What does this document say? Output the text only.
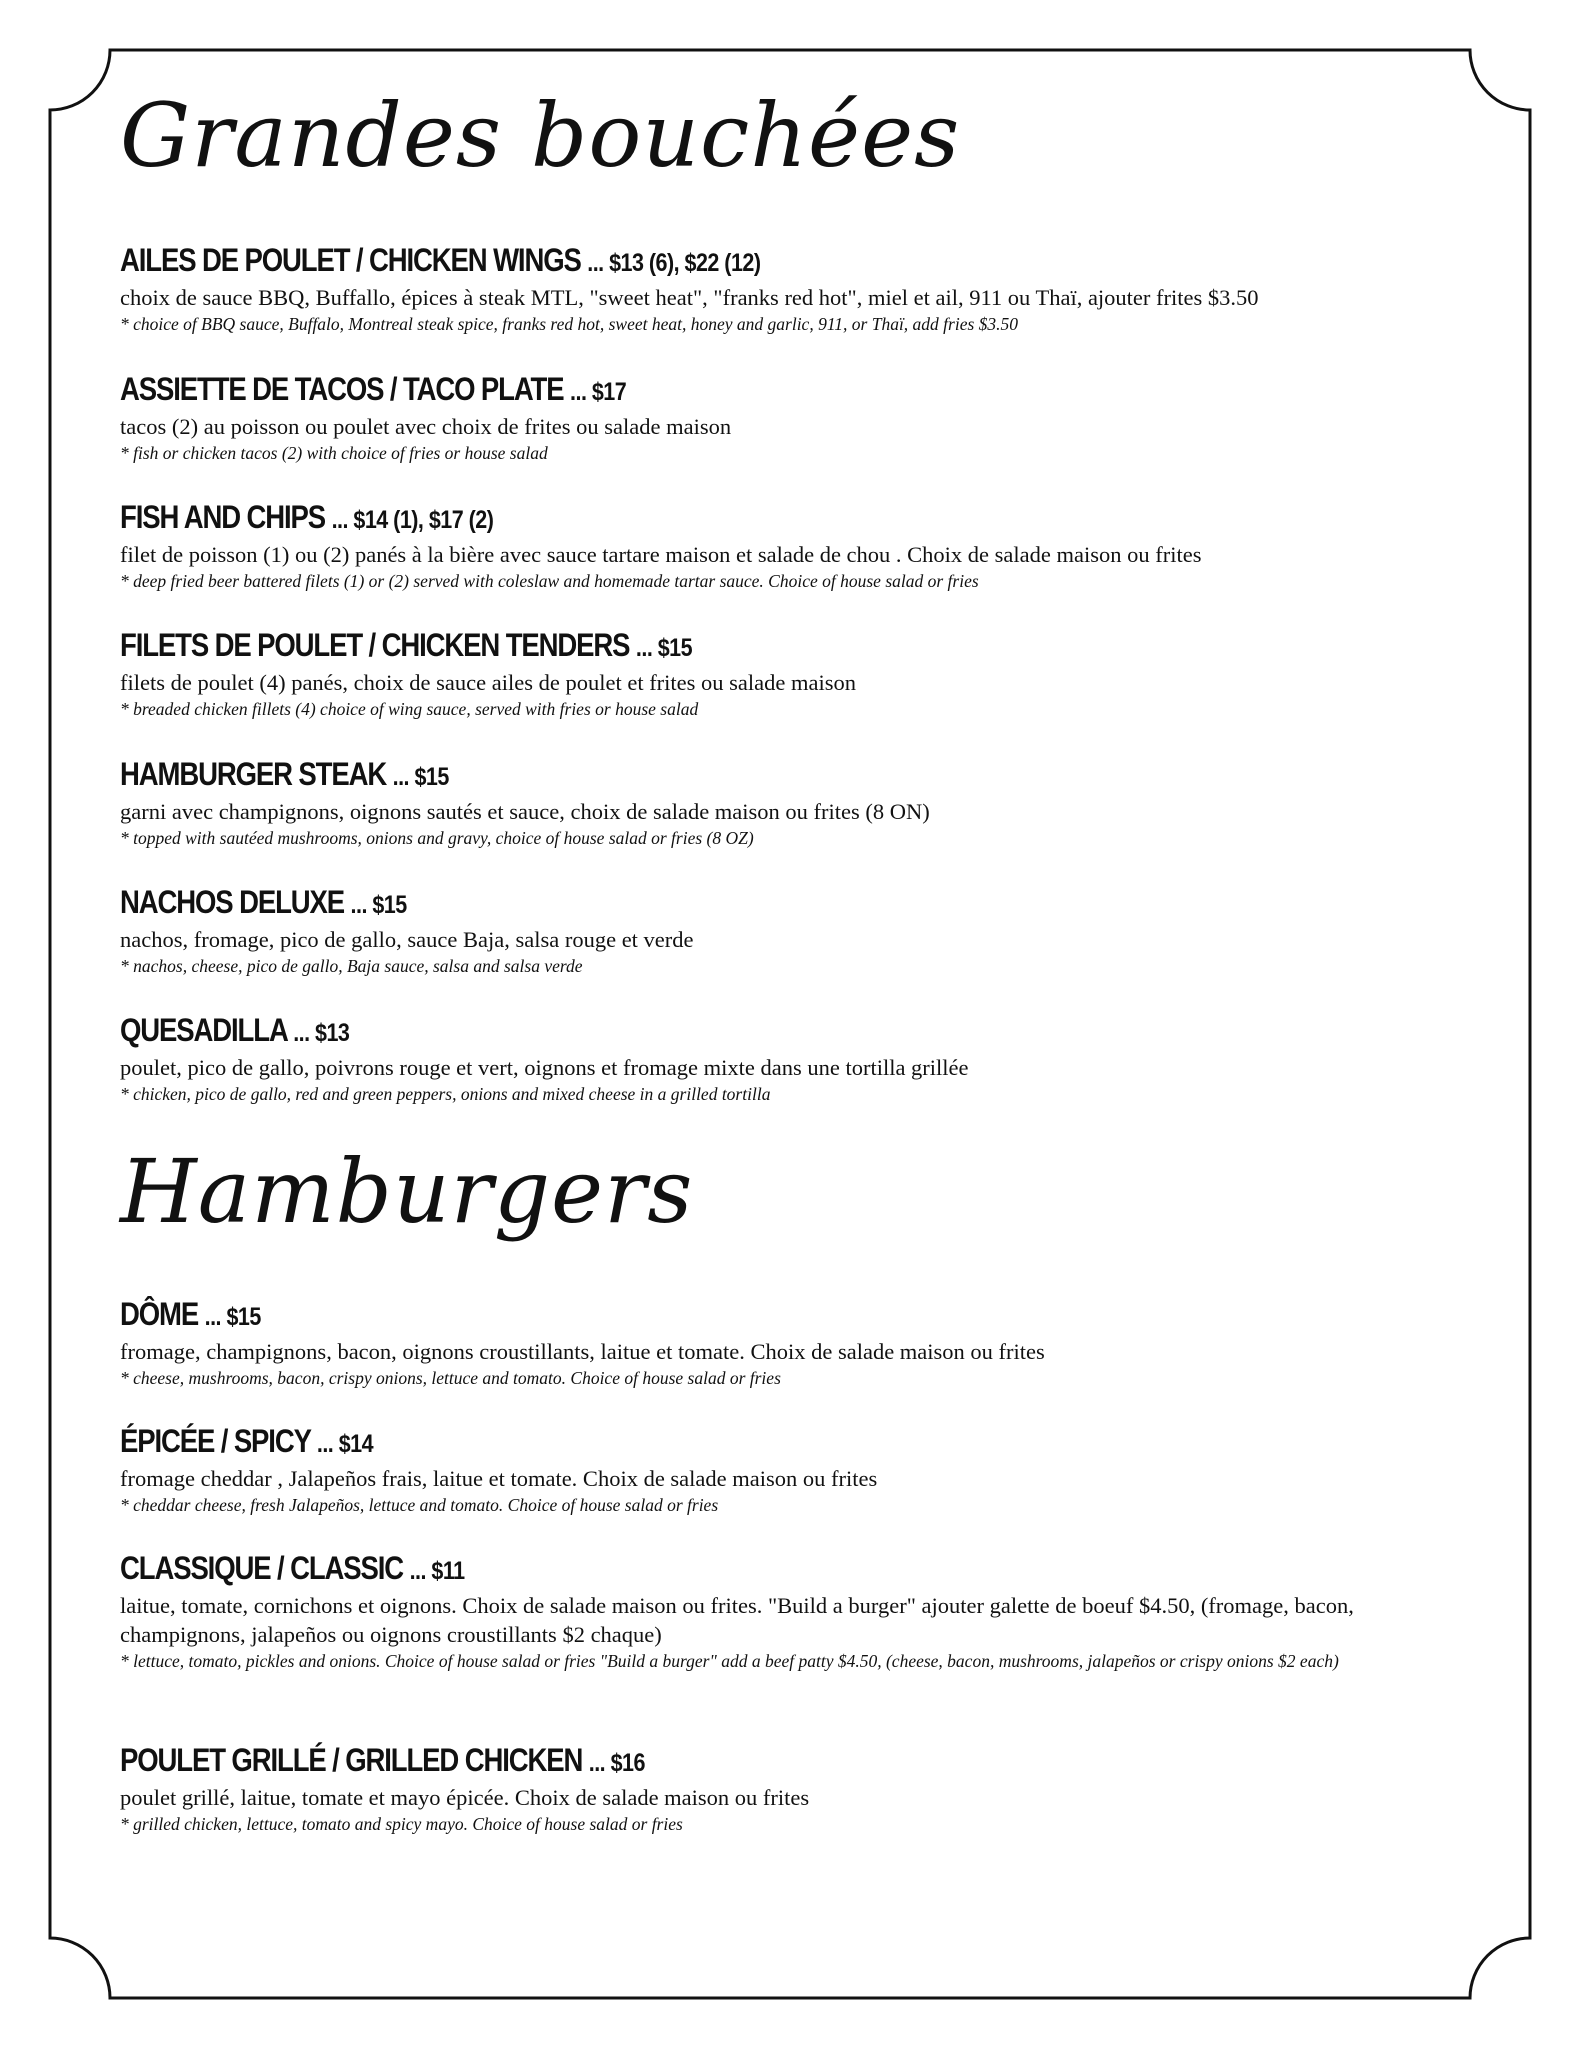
Grandes bouchées
AILES DE POULET / CHICKEN WINGS ... $13 (6), $22 (12)

choix de sauce BBQ, Buffallo, épices à steak MTL, "sweet heat", "franks red hot", miel et ail, 911 ou Thaï, ajouter frites $3.50

* choice of BBQ sauce, Buffalo, Montreal steak spice, franks red hot, sweet heat, honey and garlic, 911, or Thaï, add fries $3.50

ASSIETTE DE TACOS / TACO PLATE ... $17

tacos (2) au poisson ou poulet avec choix de frites ou salade maison

* fish or chicken tacos (2) with choice of fries or house salad

FISH AND CHIPS ... $14 (1), $17 (2)

filet de poisson (1) ou (2) panés à la bière avec sauce tartare maison et salade de chou . Choix de salade maison ou frites

* deep fried beer battered filets (1) or (2) served with coleslaw and homemade tartar sauce. Choice of house salad or fries

FILETS DE POULET / CHICKEN TENDERS ... $15

filets de poulet (4) panés, choix de sauce ailes de poulet et frites ou salade maison

* breaded chicken fillets (4) choice of wing sauce, served with fries or house salad

HAMBURGER STEAK ... $15

garni avec champignons, oignons sautés et sauce, choix de salade maison ou frites (8 ON)

* topped with sautéed mushrooms, onions and gravy, choice of house salad or fries (8 OZ)

NACHOS DELUXE ... $15

nachos, fromage, pico de gallo, sauce Baja, salsa rouge et verde

* nachos, cheese, pico de gallo, Baja sauce, salsa and salsa verde

QUESADILLA ... $13

poulet, pico de gallo, poivrons rouge et vert, oignons et fromage mixte dans une tortilla grillée

* chicken, pico de gallo, red and green peppers, onions and mixed cheese in a grilled tortilla

Hamburgers
DÔME ... $15

fromage, champignons, bacon, oignons croustillants, laitue et tomate. Choix de salade maison ou frites

* cheese, mushrooms, bacon, crispy onions, lettuce and tomato. Choice of house salad or fries

ÉPICÉE / SPICY ... $14

fromage cheddar , Jalapeños frais, laitue et tomate. Choix de salade maison ou frites

* cheddar cheese, fresh Jalapeños, lettuce and tomato. Choice of house salad or fries

CLASSIQUE / CLASSIC ... $11

laitue, tomate, cornichons et oignons. Choix de salade maison ou frites. "Build a burger" ajouter galette de boeuf $4.50, (fromage, bacon, champignons, jalapeños ou oignons croustillants $2 chaque)

* lettuce, tomato, pickles and onions. Choice of house salad or fries "Build a burger" add a beef patty $4.50, (cheese, bacon, mushrooms, jalapeños or crispy onions $2 each)

POULET GRILLÉ / GRILLED CHICKEN ... $16

poulet grillé, laitue, tomate et mayo épicée. Choix de salade maison ou frites

* grilled chicken, lettuce, tomato and spicy mayo. Choice of house salad or fries
